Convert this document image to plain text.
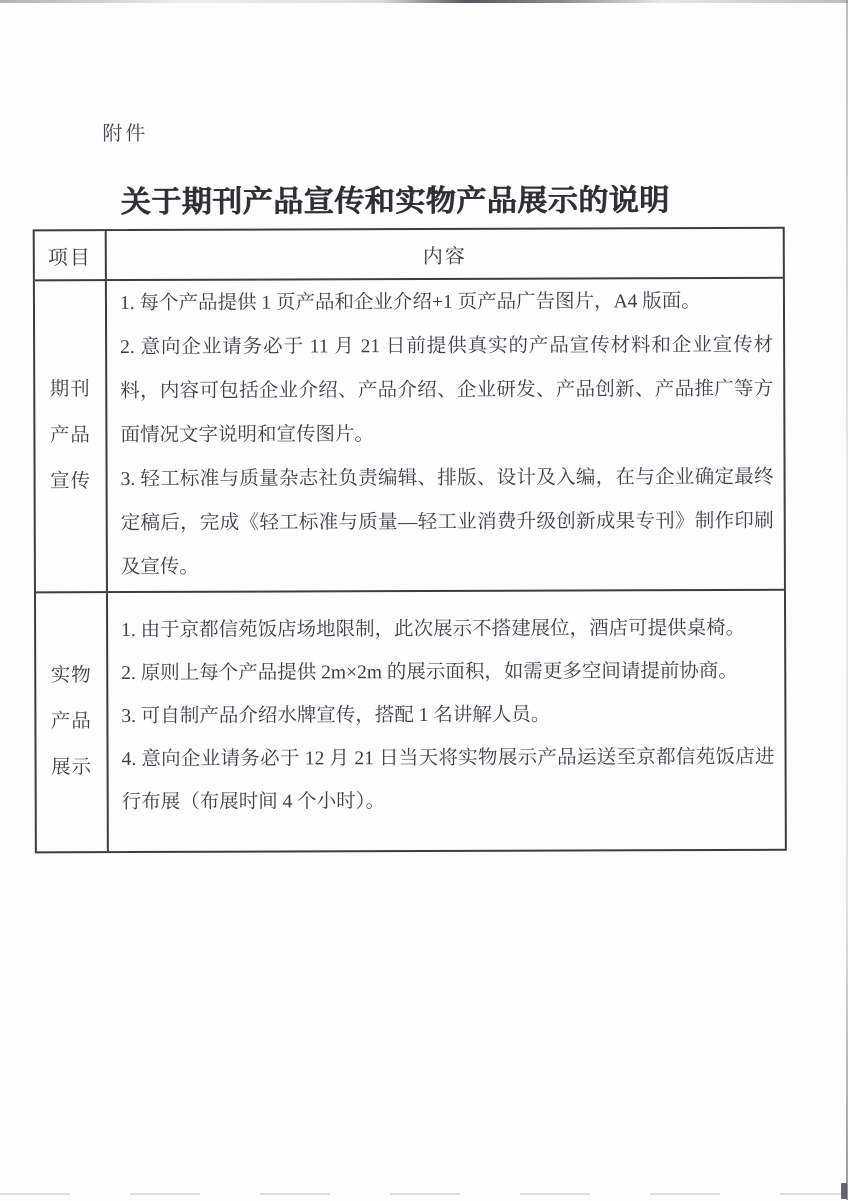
附件
关于期刊产品宣传和实物产品展示的说明
项目	内容
期刊
产品
宣传

1. 每个产品提供 1 页产品和企业介绍+1 页产品广告图片，A4 版面。

2. 意向企业请务必于 11 月 21 日前提供真实的产品宣传材料和企业宣传材料，内容可包括企业介绍、产品介绍、企业研发、产品创新、产品推广等方面情况文字说明和宣传图片。

3. 轻工标准与质量杂志社负责编辑、排版、设计及入编，在与企业确定最终定稿后，完成《轻工标准与质量—轻工业消费升级创新成果专刊》制作印刷及宣传。

实物
产品
展示

1. 由于京都信苑饭店场地限制，此次展示不搭建展位，酒店可提供桌椅。

2. 原则上每个产品提供 2m×2m 的展示面积，如需更多空间请提前协商。

3. 可自制产品介绍水牌宣传，搭配 1 名讲解人员。

4. 意向企业请务必于 12 月 21 日当天将实物展示产品运送至京都信苑饭店进行布展（布展时间 4 个小时）。
